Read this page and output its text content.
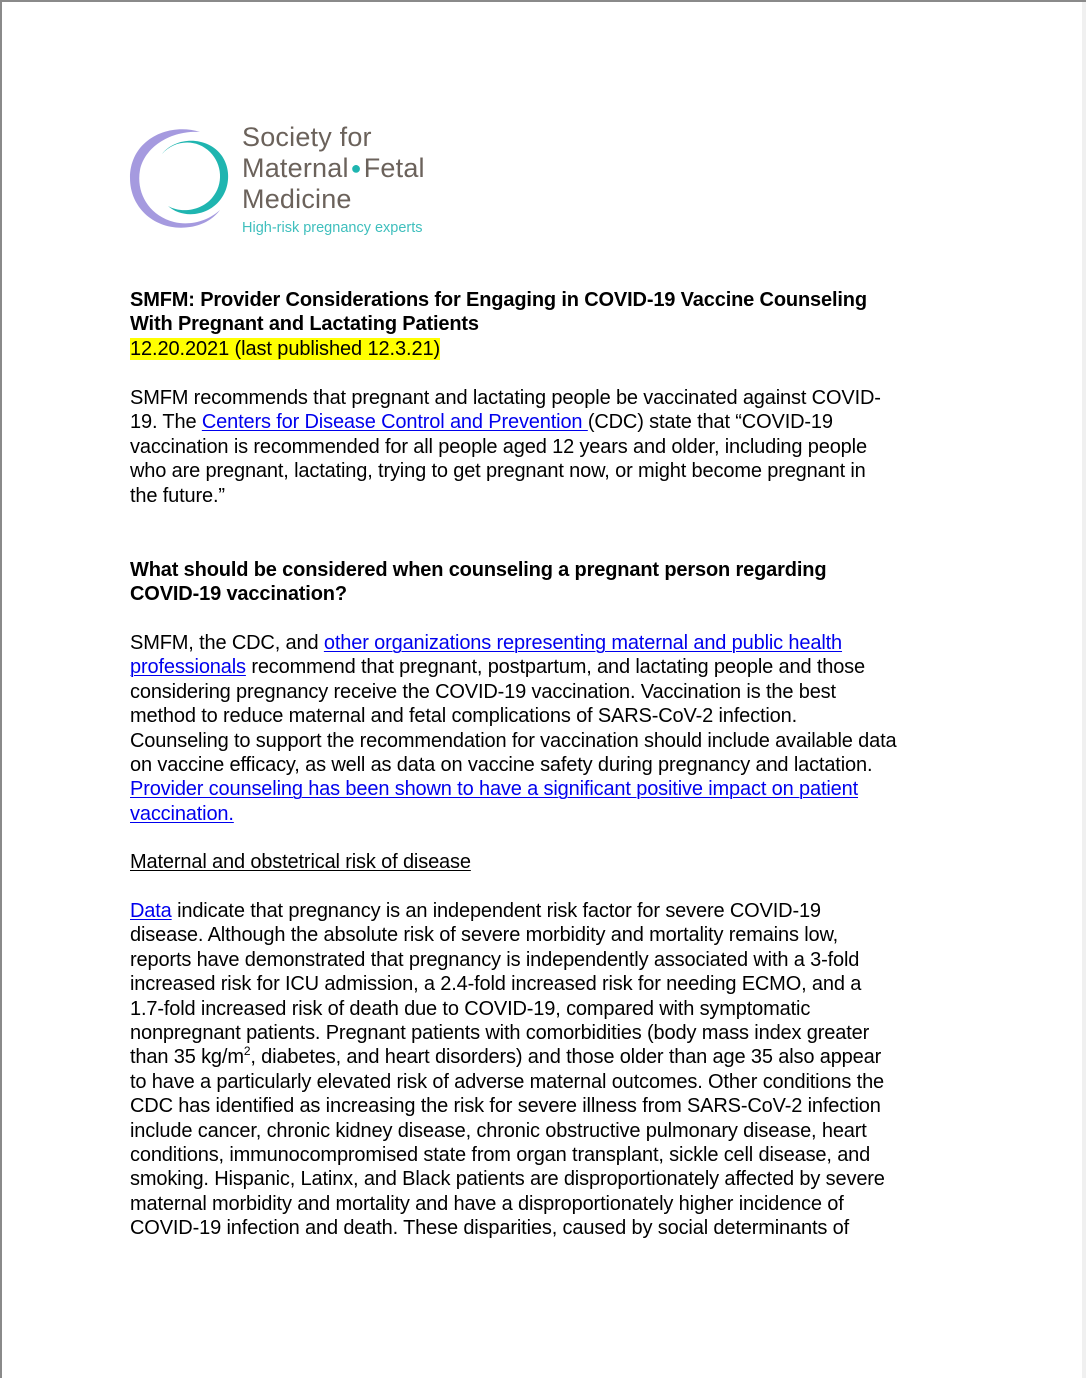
Society for
Maternal ●Fetal
Medicine
High-risk pregnancy experts
SMFM: Provider Considerations for Engaging in COVID-19 Vaccine Counseling
With Pregnant and Lactating Patients
12.20.2021 (last published 12.3.21)
SMFM recommends that pregnant and lactating people be vaccinated against COVID-
19. The Centers for Disease Control and Prevention (CDC) state that “COVID-19
vaccination is recommended for all people aged 12 years and older, including people
who are pregnant, lactating, trying to get pregnant now, or might become pregnant in
the future.”
What should be considered when counseling a pregnant person regarding
COVID-19 vaccination?
SMFM, the CDC, and other organizations representing maternal and public health
professionals recommend that pregnant, postpartum, and lactating people and those
considering pregnancy receive the COVID-19 vaccination. Vaccination is the best
method to reduce maternal and fetal complications of SARS-CoV-2 infection.
Counseling to support the recommendation for vaccination should include available data
on vaccine efficacy, as well as data on vaccine safety during pregnancy and lactation.
Provider counseling has been shown to have a significant positive impact on patient
vaccination.
Maternal and obstetrical risk of disease
Data indicate that pregnancy is an independent risk factor for severe COVID-19
disease. Although the absolute risk of severe morbidity and mortality remains low,
reports have demonstrated that pregnancy is independently associated with a 3-fold
increased risk for ICU admission, a 2.4-fold increased risk for needing ECMO, and a
1.7-fold increased risk of death due to COVID-19, compared with symptomatic
nonpregnant patients. Pregnant patients with comorbidities (body mass index greater
than 35 $kg/m^2$, diabetes, and heart disorders) and those older than age 35 also appear
to have a particularly elevated risk of adverse maternal outcomes. Other conditions the
CDC has identified as increasing the risk for severe illness from SARS-CoV-2 infection
include cancer, chronic kidney disease, chronic obstructive pulmonary disease, heart
conditions, immunocompromised state from organ transplant, sickle cell disease, and
smoking. Hispanic, Latinx, and Black patients are disproportionately affected by severe
maternal morbidity and mortality and have a disproportionately higher incidence of
COVID-19 infection and death. These disparities, caused by social determinants of
